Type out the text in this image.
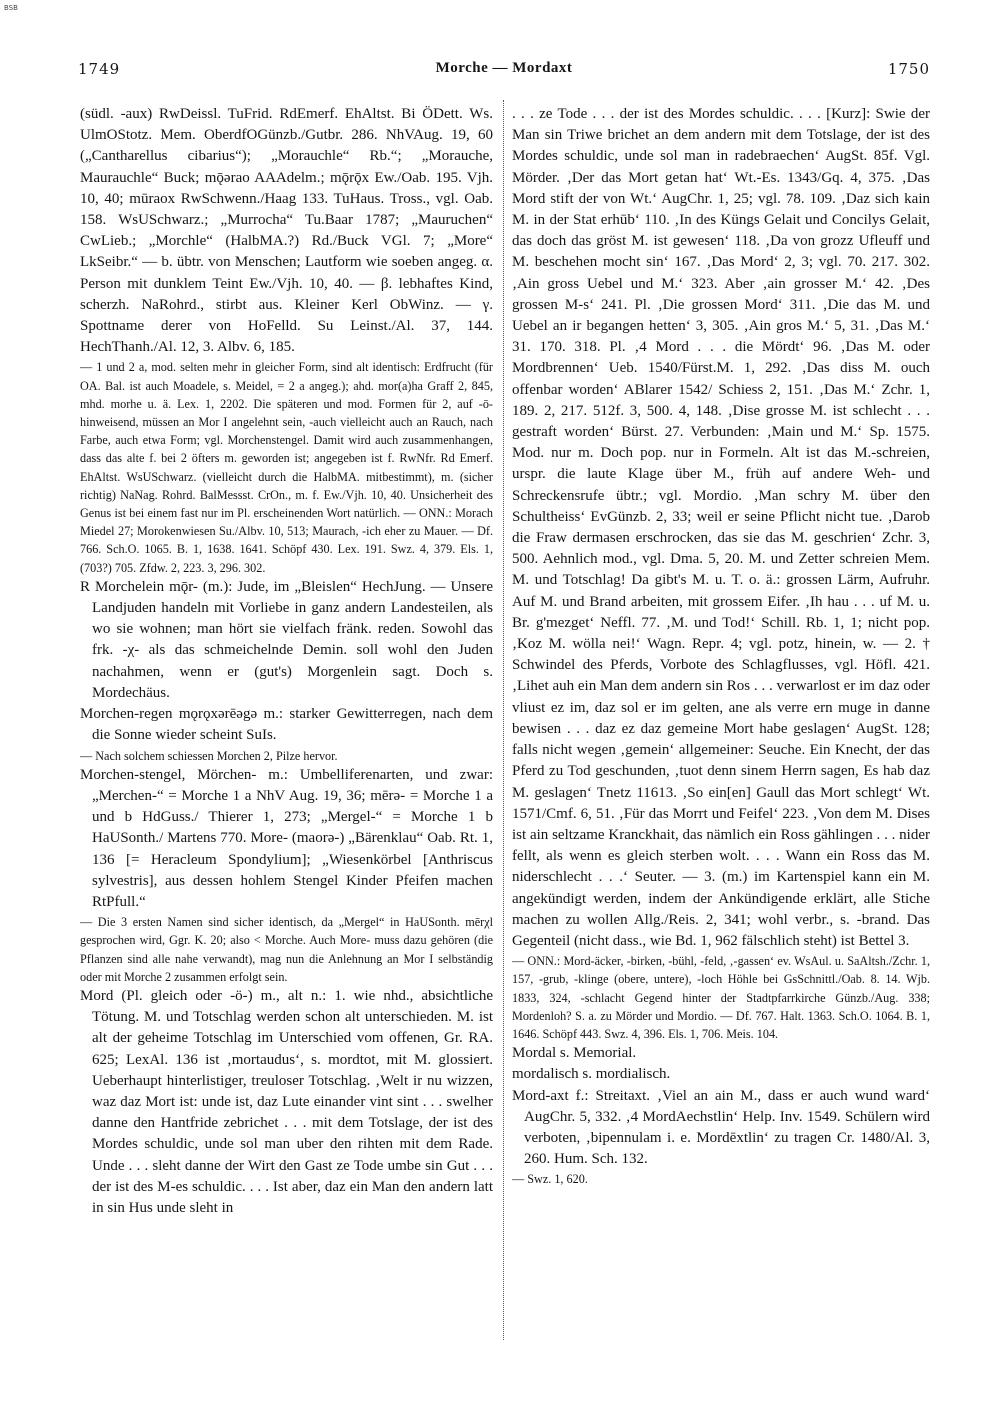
BSB
1749	Morche — Mordaxt	1750

(südl. -aux) RwDeissl. TuFrid. RdEmerf. EhAltst. Bi ÖDett. Ws. UlmOStotz. Mem. OberdfOGünzb./Gutbr. 286. NhVAug. 19, 60 („Cantharellus cibarius“); „Morauchle“ Rb.“; „Morauche, Maurauchle“ Buck; mǭərao AAAdelm.; mǭrǭx Ew./Oab. 195. Vjh. 10, 40; mūraox RwSchwenn./Haag 133. TuHaus. Tross., vgl. Oab. 158. WsUSchwarz.; „Murrocha“ Tu.Baar 1787; „Mauruchen“ CwLieb.; „Morchle“ (HalbMA.?) Rd./Buck VGl. 7; „More“ LkSeibr.“ — b. übtr. von Menschen; Lautform wie soeben angeg. α. Person mit dunklem Teint Ew./Vjh. 10, 40. — β. lebhaftes Kind, scherzh. NaRohrd., stirbt aus. Kleiner Kerl ObWinz. — γ. Spottname derer von HoFelld. Su Leinst./Al. 37, 144. HechThanh./Al. 12, 3. Albv. 6, 185.

— 1 und 2 a, mod. selten mehr in gleicher Form, sind alt identisch: Erdfrucht (für OA. Bal. ist auch Moadele, s. Meidel, = 2 a angeg.); ahd. mor(a)ha Graff 2, 845, mhd. morhe u. ä. Lex. 1, 2202. Die späteren und mod. Formen für 2, auf -ō- hinweisend, müssen an Mor I angelehnt sein, -auch vielleicht auch an Rauch, nach Farbe, auch etwa Form; vgl. Morchenstengel. Damit wird auch zusammenhangen, dass das alte f. bei 2 öfters m. geworden ist; angegeben ist f. RwNfr. Rd Emerf. EhAltst. WsUSchwarz. (vielleicht durch die HalbMA. mitbestimmt), m. (sicher richtig) NaNag. Rohrd. BalMessst. CrOn., m. f. Ew./Vjh. 10, 40. Unsicherheit des Genus ist bei einem fast nur im Pl. erscheinenden Wort natürlich. — ONN.: Morach Miedel 27; Morokenwiesen Su./Albv. 10, 513; Maurach, -ich eher zu Mauer. — Df. 766. Sch.O. 1065. B. 1, 1638. 1641. Schöpf 430. Lex. 191. Swz. 4, 379. Els. 1, (703?) 705. Zfdw. 2, 223. 3, 296. 302.

R Morchelein mǭr- (m.): Jude, im „Bleislen“ HechJung. — Unsere Landjuden handeln mit Vorliebe in ganz andern Landesteilen, als wo sie wohnen; man hört sie vielfach fränk. reden. Sowohl das frk. -χ- als das schmeichelnde Demin. soll wohl den Juden nachahmen, wenn er (gut's) Morgenlein sagt. Doch s. Mordechäus.

Morchen-regen mǫrǫxərēəgə m.: starker Gewitterregen, nach dem die Sonne wieder scheint SuIs.

— Nach solchem schiessen Morchen 2, Pilze hervor.

Morchen-stengel, Mörchen- m.: Umbelliferenarten, und zwar: „Merchen-“ = Morche 1 a NhV Aug. 19, 36; mērə- = Morche 1 a und b HdGuss./ Thierer 1, 273; „Mergel-“ = Morche 1 b HaUSonth./ Martens 770. More- (maorə-) „Bärenklau“ Oab. Rt. 1, 136 [= Heracleum Spondylium]; „Wiesenkörbel [Anthriscus sylvestris], aus dessen hohlem Stengel Kinder Pfeifen machen RtPfull.“

— Die 3 ersten Namen sind sicher identisch, da „Mergel“ in HaUSonth. mērχl gesprochen wird, Ggr. K. 20; also < Morche. Auch More- muss dazu gehören (die Pflanzen sind alle nahe verwandt), mag nun die Anlehnung an Mor I selbständig oder mit Morche 2 zusammen erfolgt sein.

Mord (Pl. gleich oder -ö-) m., alt n.: 1. wie nhd., absichtliche Tötung. M. und Totschlag werden schon alt unterschieden. M. ist alt der geheime Totschlag im Unterschied vom offenen, Gr. RA. 625; LexAl. 136 ist ‚mortaudus‘, s. mordtot, mit M. glossiert. Ueberhaupt hinterlistiger, treuloser Totschlag. ‚Welt ir nu wizzen, waz daz Mort ist: unde ist, daz Lute einander vint sint . . . swelher danne den Hantfride zebrichet . . . mit dem Totslage, der ist des Mordes schuldic, unde sol man uber den rihten mit dem Rade. Unde . . . sleht danne der Wirt den Gast ze Tode umbe sin Gut . . . der ist des M-es schuldic. . . . Ist aber, daz ein Man den andern latt in sin Hus unde sleht in

. . . ze Tode . . . der ist des Mordes schuldic. . . . [Kurz]: Swie der Man sin Triwe brichet an dem andern mit dem Totslage, der ist des Mordes schuldic, unde sol man in radebraechen‘ AugSt. 85f. Vgl. Mörder. ‚Der das Mort getan hat‘ Wt.-Es. 1343/Gq. 4, 375. ‚Das Mord stift der von Wt.‘ AugChr. 1, 25; vgl. 78. 109. ‚Daz sich kain M. in der Stat erhūb‘ 110. ‚In des Küngs Gelait und Concilys Gelait, das doch das gröst M. ist gewesen‘ 118. ‚Da von grozz Ufleuff und M. beschehen mocht sin‘ 167. ‚Das Mord‘ 2, 3; vgl. 70. 217. 302. ‚Ain gross Uebel und M.‘ 323. Aber ‚ain grosser M.‘ 42. ‚Des grossen M-s‘ 241. Pl. ‚Die grossen Mord‘ 311. ‚Die das M. und Uebel an ir begangen hetten‘ 3, 305. ‚Ain gros M.‘ 5, 31. ‚Das M.‘ 31. 170. 318. Pl. ‚4 Mord . . . die Mördt‘ 96. ‚Das M. oder Mordbrennen‘ Ueb. 1540/Fürst.M. 1, 292. ‚Das diss M. ouch offenbar worden‘ ABlarer 1542/ Schiess 2, 151. ‚Das M.‘ Zchr. 1, 189. 2, 217. 512f. 3, 500. 4, 148. ‚Dise grosse M. ist schlecht . . . gestraft worden‘ Bürst. 27. Verbunden: ‚Main und M.‘ Sp. 1575. Mod. nur m. Doch pop. nur in Formeln. Alt ist das M.-schreien, urspr. die laute Klage über M., früh auf andere Weh- und Schreckensrufe übtr.; vgl. Mordio. ‚Man schry M. über den Schultheiss‘ EvGünzb. 2, 33; weil er seine Pflicht nicht tue. ‚Darob die Fraw dermasen erschrocken, das sie das M. geschrien‘ Zchr. 3, 500. Aehnlich mod., vgl. Dma. 5, 20. M. und Zetter schreien Mem. M. und Totschlag! Da gibt's M. u. T. o. ä.: grossen Lärm, Aufruhr. Auf M. und Brand arbeiten, mit grossem Eifer. ‚Ih hau . . . uf M. u. Br. g'mezget‘ Neffl. 77. ‚M. und Tod!‘ Schill. Rb. 1, 1; nicht pop. ‚Koz M. wölla nei!‘ Wagn. Repr. 4; vgl. potz, hinein, w. — 2. † Schwindel des Pferds, Vorbote des Schlagflusses, vgl. Höfl. 421. ‚Lihet auh ein Man dem andern sin Ros . . . verwarlost er im daz oder vliust ez im, daz sol er im gelten, ane als verre ern muge in danne bewisen . . . daz ez daz gemeine Mort habe geslagen‘ AugSt. 128; falls nicht wegen ‚gemein‘ allgemeiner: Seuche. Ein Knecht, der das Pferd zu Tod geschunden, ‚tuot denn sinem Herrn sagen, Es hab daz M. geslagen‘ Tnetz 11613. ‚So ein[en] Gaull das Mort schlegt‘ Wt. 1571/Cmf. 6, 51. ‚Für das Morrt und Feifel‘ 223. ‚Von dem M. Dises ist ain seltzame Kranckhait, das nämlich ein Ross gählingen . . . nider fellt, als wenn es gleich sterben wolt. . . . Wann ein Ross das M. niderschlecht . . .‘ Seuter. — 3. (m.) im Kartenspiel kann ein M. angekündigt werden, indem der Ankündigende erklärt, alle Stiche machen zu wollen Allg./Reis. 2, 341; wohl verbr., s. -brand. Das Gegenteil (nicht dass., wie Bd. 1, 962 fälschlich steht) ist Bettel 3.

— ONN.: Mord-äcker, -birken, -bühl, -feld, ‚-gassen‘ ev. WsAul. u. SaAltsh./Zchr. 1, 157, -grub, -klinge (obere, untere), -loch Höhle bei GsSchnittl./Oab. 8. 14. Wjb. 1833, 324, -schlacht Gegend hinter der Stadtpfarrkirche Günzb./Aug. 338; Mordenloh? S. a. zu Mörder und Mordio. — Df. 767. Halt. 1363. Sch.O. 1064. B. 1, 1646. Schöpf 443. Swz. 4, 396. Els. 1, 706. Meis. 104.

Mordal s. Memorial.

mordalisch s. mordialisch.

Mord-axt f.: Streitaxt. ‚Viel an ain M., dass er auch wund ward‘ AugChr. 5, 332. ‚4 MordAechstlin‘ Help. Inv. 1549. Schülern wird verboten, ‚bipennulam i. e. Mordēxtlin‘ zu tragen Cr. 1480/Al. 3, 260. Hum. Sch. 132.

— Swz. 1, 620.
